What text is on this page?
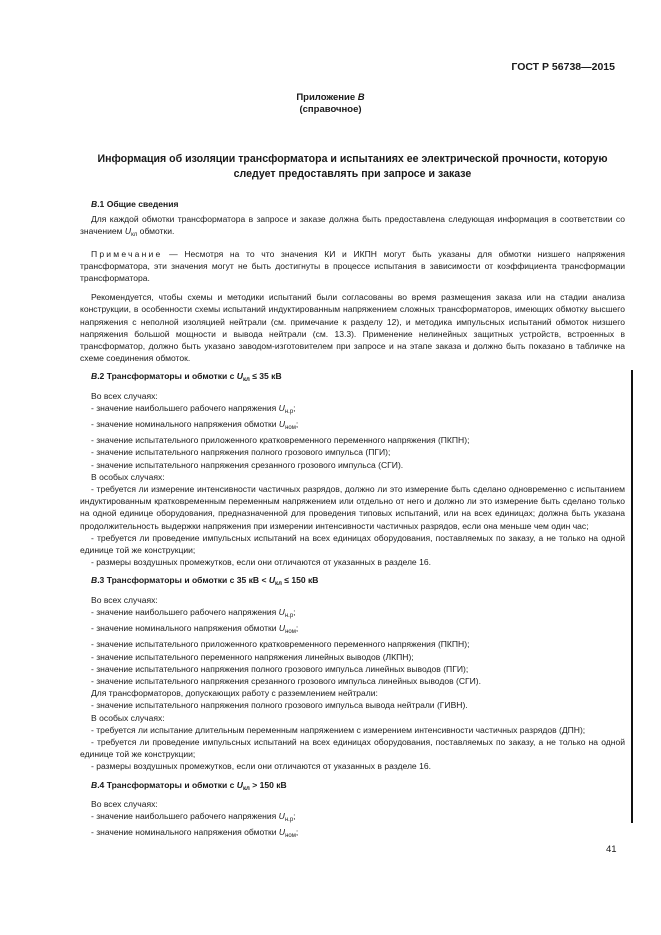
ГОСТ Р 56738—2015
Приложение В
(справочное)
Информация об изоляции трансформатора и испытаниях ее электрической прочности, которую следует предоставлять при запросе и заказе

В.1 Общие сведения

Для каждой обмотки трансформатора в запросе и заказе должна быть предоставлена следующая информация в соответствии со значением $U_{кл}$ обмотки.

Примечание — Несмотря на то что значения КИ и ИКПН могут быть указаны для обмотки низшего напряжения трансформатора, эти значения могут не быть достигнуты в процессе испытания в зависимости от коэффициента трансформации трансформатора.

Рекомендуется, чтобы схемы и методики испытаний были согласованы во время размещения заказа или на стадии анализа конструкции, в особенности схемы испытаний индуктированным напряжением сложных трансформаторов, имеющих обмотку высшего напряжения с неполной изоляцией нейтрали (см. примечание к разделу 12), и методика импульсных испытаний обмоток низшего напряжения большой мощности и вывода нейтрали (см. 13.3). Применение нелинейных защитных устройств, встроенных в трансформатор, должно быть указано заводом-изготовителем при запросе и на этапе заказа и должно быть показано в табличке на схеме соединения обмоток.

В.2 Трансформаторы и обмотки с $U_{кл} \le 35$ кВ

Во всех случаях:

- значение наибольшего рабочего напряжения $U_{н.р}$;

- значение номинального напряжения обмотки $U_{ном}$;

- значение испытательного приложенного кратковременного переменного напряжения (ПКПН);

- значение испытательного напряжения полного грозового импульса (ПГИ);

- значение испытательного напряжения срезанного грозового импульса (СГИ).

В особых случаях:

- требуется ли измерение интенсивности частичных разрядов, должно ли это измерение быть сделано одновременно с испытанием индуктированным кратковременным переменным напряжением или отдельно от него и должно ли это измерение быть сделано только на одной единице оборудования, предназначенной для проведения типовых испытаний, или на всех единицах; должна быть указана продолжительность выдержки напряжения при измерении интенсивности частичных разрядов, если она меньше чем один час;

- требуется ли проведение импульсных испытаний на всех единицах оборудования, поставляемых по заказу, а не только на одной единице той же конструкции;

- размеры воздушных промежутков, если они отличаются от указанных в разделе 16.

В.3 Трансформаторы и обмотки с 35 кВ < $U_{кл} \le 150$ кВ

Во всех случаях:

- значение наибольшего рабочего напряжения $U_{н.р}$;

- значение номинального напряжения обмотки $U_{ном}$;

- значение испытательного приложенного кратковременного переменного напряжения (ПКПН);

- значение испытательного переменного напряжения линейных выводов (ЛКПН);

- значение испытательного напряжения полного грозового импульса линейных выводов (ПГИ);

- значение испытательного напряжения срезанного грозового импульса линейных выводов (СГИ).

Для трансформаторов, допускающих работу с разземлением нейтрали:

- значение испытательного напряжения полного грозового импульса вывода нейтрали (ГИВН).

В особых случаях:

- требуется ли испытание длительным переменным напряжением с измерением интенсивности частичных разрядов (ДПН);

- требуется ли проведение импульсных испытаний на всех единицах оборудования, поставляемых по заказу, а не только на одной единице той же конструкции;

- размеры воздушных промежутков, если они отличаются от указанных в разделе 16.

В.4 Трансформаторы и обмотки с $U_{кл} > 150$ кВ

Во всех случаях:

- значение наибольшего рабочего напряжения $U_{н.р}$;

- значение номинального напряжения обмотки $U_{ном}$;

41
